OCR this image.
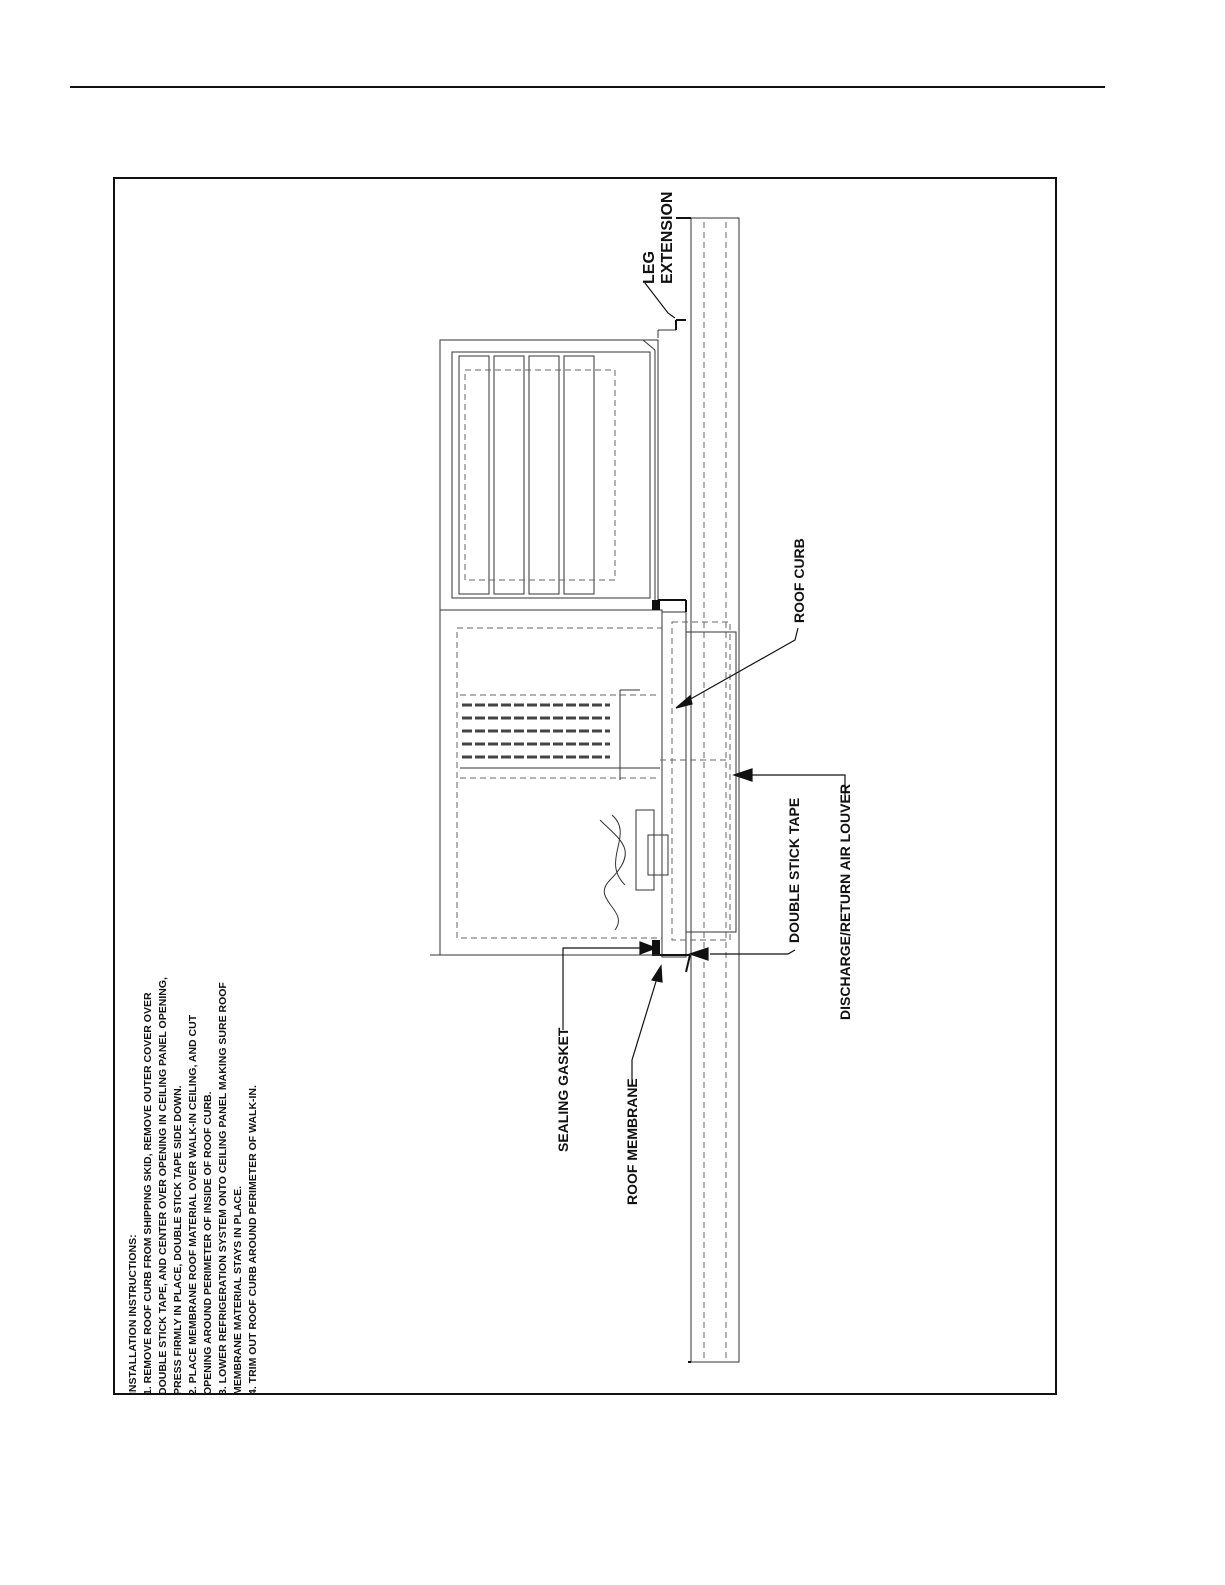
LEG EXTENSION
ROOF CURB
DOUBLE STICK TAPE	DISCHARGE/RETURN AIR LOUVER
SEALING GASKET	ROOF MEMBRANE
INSTALLATION INSTRUCTIONS: 1. REMOVE ROOF CURB FROM SHIPPING SKID, REMOVE OUTER COVER OVER DOUBLE STICK TAPE, AND CENTER OVER OPENING IN CEILING PANEL OPENING, PRESS FIRMLY IN PLACE, DOUBLE STICK TAPE SIDE DOWN. 2. PLACE MEMBRANE ROOF MATERIAL OVER WALK-IN CEILING, AND CUT OPENING AROUND PERIMETER OF INSIDE OF ROOF CURB. 3. LOWER REFRIGERATION SYSTEM ONTO CEILING PANEL MAKING SURE ROOF MEMBRANE MATERIAL STAYS IN PLACE. 4. TRIM OUT ROOF CURB AROUND PERIMETER OF WALK-IN.
